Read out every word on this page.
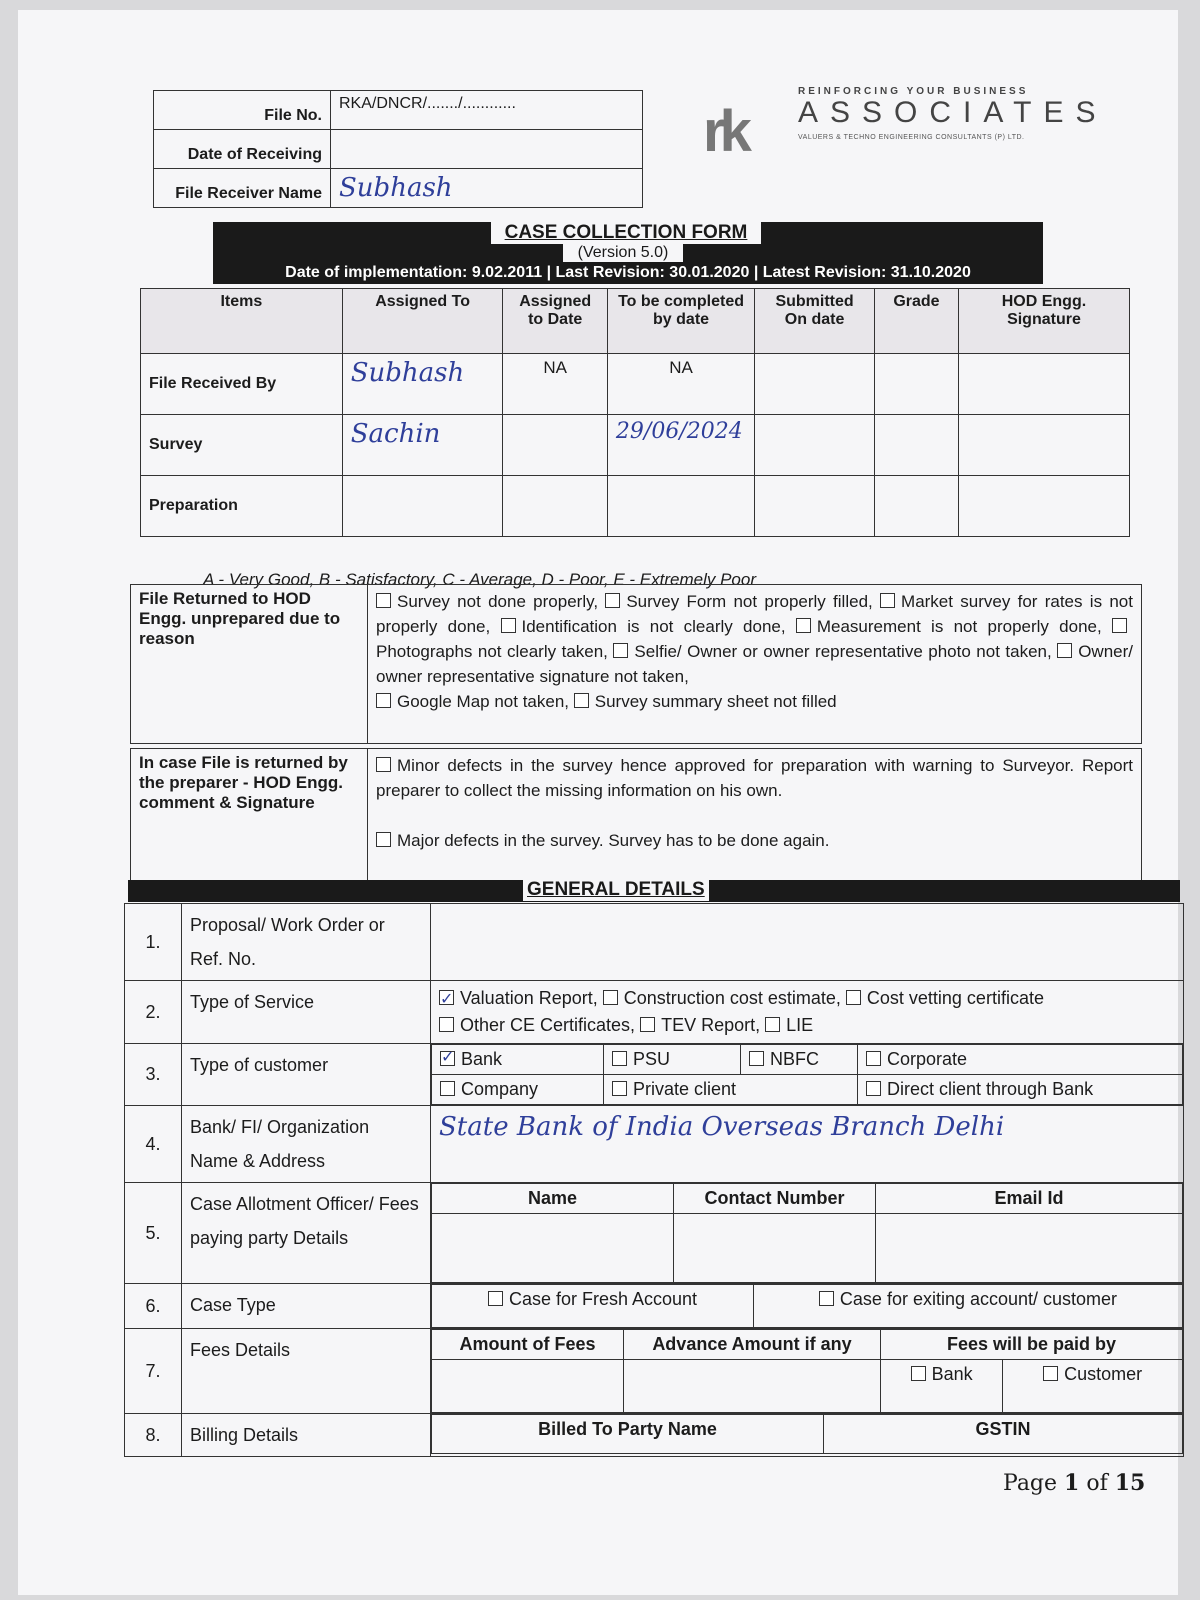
File No.	RKA/DNCR/......./............
Date of Receiving	
File Receiver Name	Subhash
rk
REINFORCING YOUR BUSINESS
ASSOCIATES
VALUERS & TECHNO ENGINEERING CONSULTANTS (P) LTD.
CASE COLLECTION FORM
(Version 5.0)
Date of implementation: 9.02.2011 | Last Revision: 30.01.2020 | Latest Revision: 31.10.2020
Items	Assigned To	Assigned to Date	To be completed by date	Submitted On date	Grade	HOD Engg. Signature
File Received By	Subhash	NA	NA			
Survey	Sachin		29/06/2024			
Preparation						
A - Very Good, B - Satisfactory, C - Average, D - Poor, E - Extremely Poor
File Returned to HOD Engg. unprepared due to reason	Survey not done properly, Survey Form not properly filled, Market survey for rates is not properly done, Identification is not clearly done, Measurement is not properly done, Photographs not clearly taken, Selfie/ Owner or owner representative photo not taken, Owner/ owner representative signature not taken,
Google Map not taken, Survey summary sheet not filled
In case File is returned by the preparer - HOD Engg. comment & Signature	Minor defects in the survey hence approved for preparation with warning to Surveyor. Report preparer to collect the missing information on his own.

Major defects in the survey. Survey has to be done again.
GENERAL DETAILS
1.	Proposal/ Work Order or Ref. No.	
2.	Type of Service	✓Valuation Report, Construction cost estimate, Cost vetting certificate
Other CE Certificates, TEV Report, LIE
3.	Type of customer	✓	Bank	PSU	NBFC	Corporate
Company	Private client	Direct client through Bank

4.	Bank/ FI/ Organization Name & Address	State Bank of India Overseas Branch Delhi
5.	Case Allotment Officer/ Fees paying party Details	
Name	Contact Number	Email Id

6.	Case Type		Case for Fresh Account	Case for exiting account/ customer

7.	Fees Details		Amount of Fees	Advance Amount if any	Fees will be paid by
		Bank	Customer

8.	Billing Details		Billed To Party Name	GSTIN
Page 1 of 15
